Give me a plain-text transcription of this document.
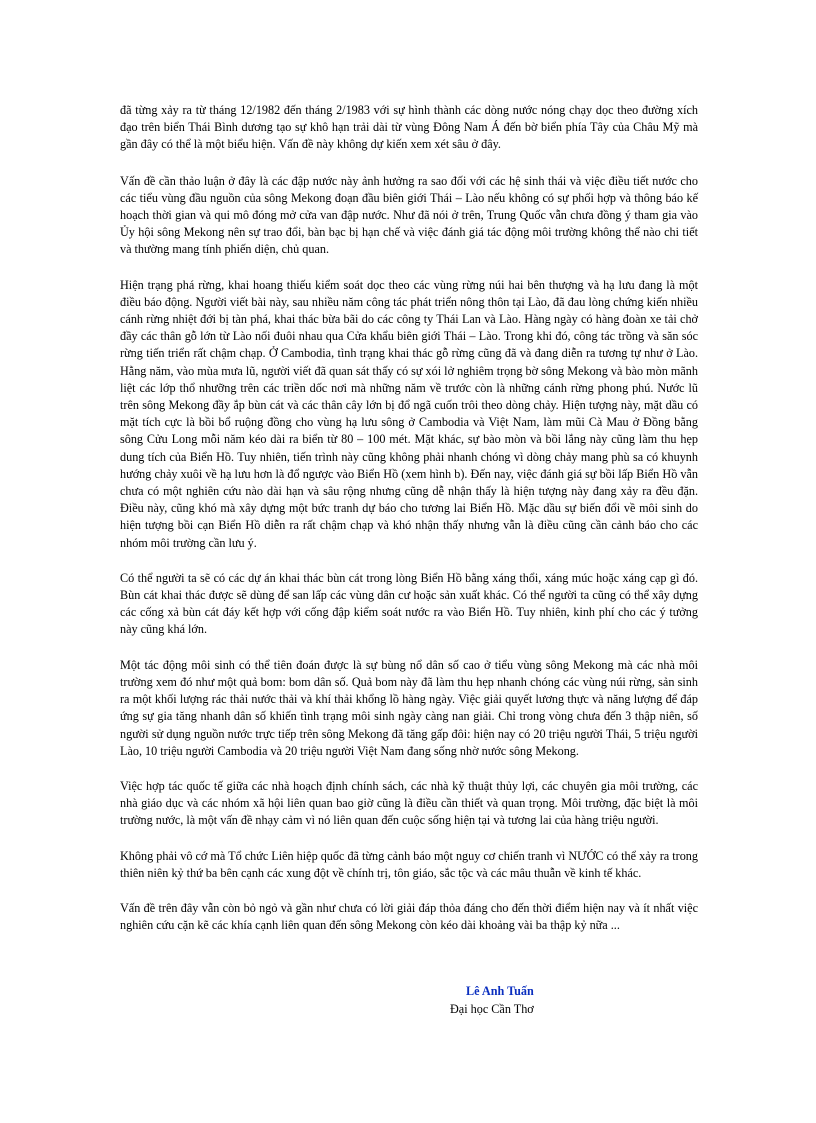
đã từng xảy ra từ tháng 12/1982 đến tháng 2/1983 với sự hình thành các dòng nước nóng chạy dọc theo đường xích đạo trên biển Thái Bình dương tạo sự khô hạn trải dài từ vùng Đông Nam Á đến bờ biển phía Tây của Châu Mỹ mà gần đây có thể là một biểu hiện. Vấn đề này không dự kiến xem xét sâu ở đây.

Vấn đề cần thảo luận ở đây là các đập nước này ảnh hưởng ra sao đối với các hệ sinh thái và việc điều tiết nước cho các tiểu vùng đầu nguồn của sông Mekong đoạn đầu biên giới Thái – Lào nếu không có sự phối hợp và thông báo kế hoạch thời gian và qui mô đóng mở cửa van đập nước. Như đã nói ở trên, Trung Quốc vẫn chưa đồng ý tham gia vào Ủy hội sông Mekong nên sự trao đổi, bàn bạc bị hạn chế và việc đánh giá tác động môi trường không thể nào chi tiết và thường mang tính phiến diện, chủ quan.

Hiện trạng phá rừng, khai hoang thiếu kiểm soát dọc theo các vùng rừng núi hai bên thượng và hạ lưu đang là một điều báo động. Người viết bài này, sau nhiều năm công tác phát triển nông thôn tại Lào, đã đau lòng chứng kiến nhiều cánh rừng nhiệt đới bị tàn phá, khai thác bừa bãi do các công ty Thái Lan và Lào. Hàng ngày có hàng đoàn xe tải chở đầy các thân gỗ lớn từ Lào nối đuôi nhau qua Cửa khẩu biên giới Thái – Lào. Trong khi đó, công tác trồng và săn sóc rừng tiến triển rất chậm chạp. Ở Cambodia, tình trạng khai thác gỗ rừng cũng đã và đang diễn ra tương tự như ở Lào. Hằng năm, vào mùa mưa lũ, người viết đã quan sát thấy có sự xói lở nghiêm trọng bờ sông Mekong và bào mòn mãnh liệt các lớp thổ nhưỡng trên các triền dốc nơi mà những năm về trước còn là những cánh rừng phong phú. Nước lũ trên sông Mekong đầy ắp bùn cát và các thân cây lớn bị đổ ngã cuốn trôi theo dòng chảy. Hiện tượng này, mặt dầu có mặt tích cực là bồi bổ ruộng đồng cho vùng hạ lưu sông ở Cambodia và Việt Nam, làm mũi Cà Mau ở Đồng bằng sông Cửu Long mỗi năm kéo dài ra biển từ 80 – 100 mét. Mặt khác, sự bào mòn và bồi lắng này cũng làm thu hẹp dung tích của Biển Hồ. Tuy nhiên, tiến trình này cũng không phải nhanh chóng vì dòng chảy mang phù sa có khuynh hướng chảy xuôi về hạ lưu hơn là đổ ngược vào Biển Hồ (xem hình b). Đến nay, việc đánh giá sự bồi lấp Biển Hồ vẫn chưa có một nghiên cứu nào dài hạn và sâu rộng nhưng cũng dễ nhận thấy là hiện tượng này đang xảy ra đều đặn. Điều này, cũng khó mà xây dựng một bức tranh dự báo cho tương lai Biển Hồ. Mặc dầu sự biến đổi về môi sinh do hiện tượng bồi cạn Biển Hồ diễn ra rất chậm chạp và khó nhận thấy nhưng vẫn là điều cũng cần cảnh báo cho các nhóm môi trường cần lưu ý.

Có thể người ta sẽ có các dự án khai thác bùn cát trong lòng Biển Hồ bằng xáng thổi, xáng múc hoặc xáng cạp gì đó. Bùn cát khai thác được sẽ dùng để san lấp các vùng dân cư hoặc sản xuất khác. Có thể người ta cũng có thể xây dựng các cống xả bùn cát đáy kết hợp với cống đập kiểm soát nước ra vào Biển Hồ. Tuy nhiên, kinh phí cho các ý tưởng này cũng khá lớn.

Một tác động môi sinh có thể tiên đoán được là sự bùng nổ dân số cao ở tiểu vùng sông Mekong mà các nhà môi trường xem đó như một quả bom: bom dân số. Quả bom này đã làm thu hẹp nhanh chóng các vùng núi rừng, sản sinh ra một khối lượng rác thải nước thải và khí thải khổng lồ hàng ngày. Việc giải quyết lương thực và năng lượng để đáp ứng sự gia tăng nhanh dân số khiến tình trạng môi sinh ngày càng nan giải. Chỉ trong vòng chưa đến 3 thập niên, số người sử dụng nguồn nước trực tiếp trên sông Mekong đã tăng gấp đôi: hiện nay có 20 triệu người Thái, 5 triệu người Lào, 10 triệu người Cambodia và 20 triệu người Việt Nam đang sống nhờ nước sông Mekong.

Việc hợp tác quốc tế giữa các nhà hoạch định chính sách, các nhà kỹ thuật thủy lợi, các chuyên gia môi trường, các nhà giáo dục và các nhóm xã hội liên quan bao giờ cũng là điều cần thiết và quan trọng. Môi trường, đặc biệt là môi trường nước, là một vấn đề nhạy cảm vì nó liên quan đến cuộc sống hiện tại và tương lai của hàng triệu người.

Không phải vô cớ mà Tổ chức Liên hiệp quốc đã từng cảnh báo một nguy cơ chiến tranh vì NƯỚC có thể xảy ra trong thiên niên kỷ thứ ba bên cạnh các xung đột về chính trị, tôn giáo, sắc tộc và các mâu thuẫn về kinh tế khác.

Vấn đề trên đây vẫn còn bỏ ngỏ và gần như chưa có lời giải đáp thỏa đáng cho đến thời điểm hiện nay và ít nhất việc nghiên cứu cặn kẽ các khía cạnh liên quan đến sông Mekong còn kéo dài khoảng vài ba thập kỷ nữa ...

Lê Anh Tuấn
Đại học Cần Thơ
